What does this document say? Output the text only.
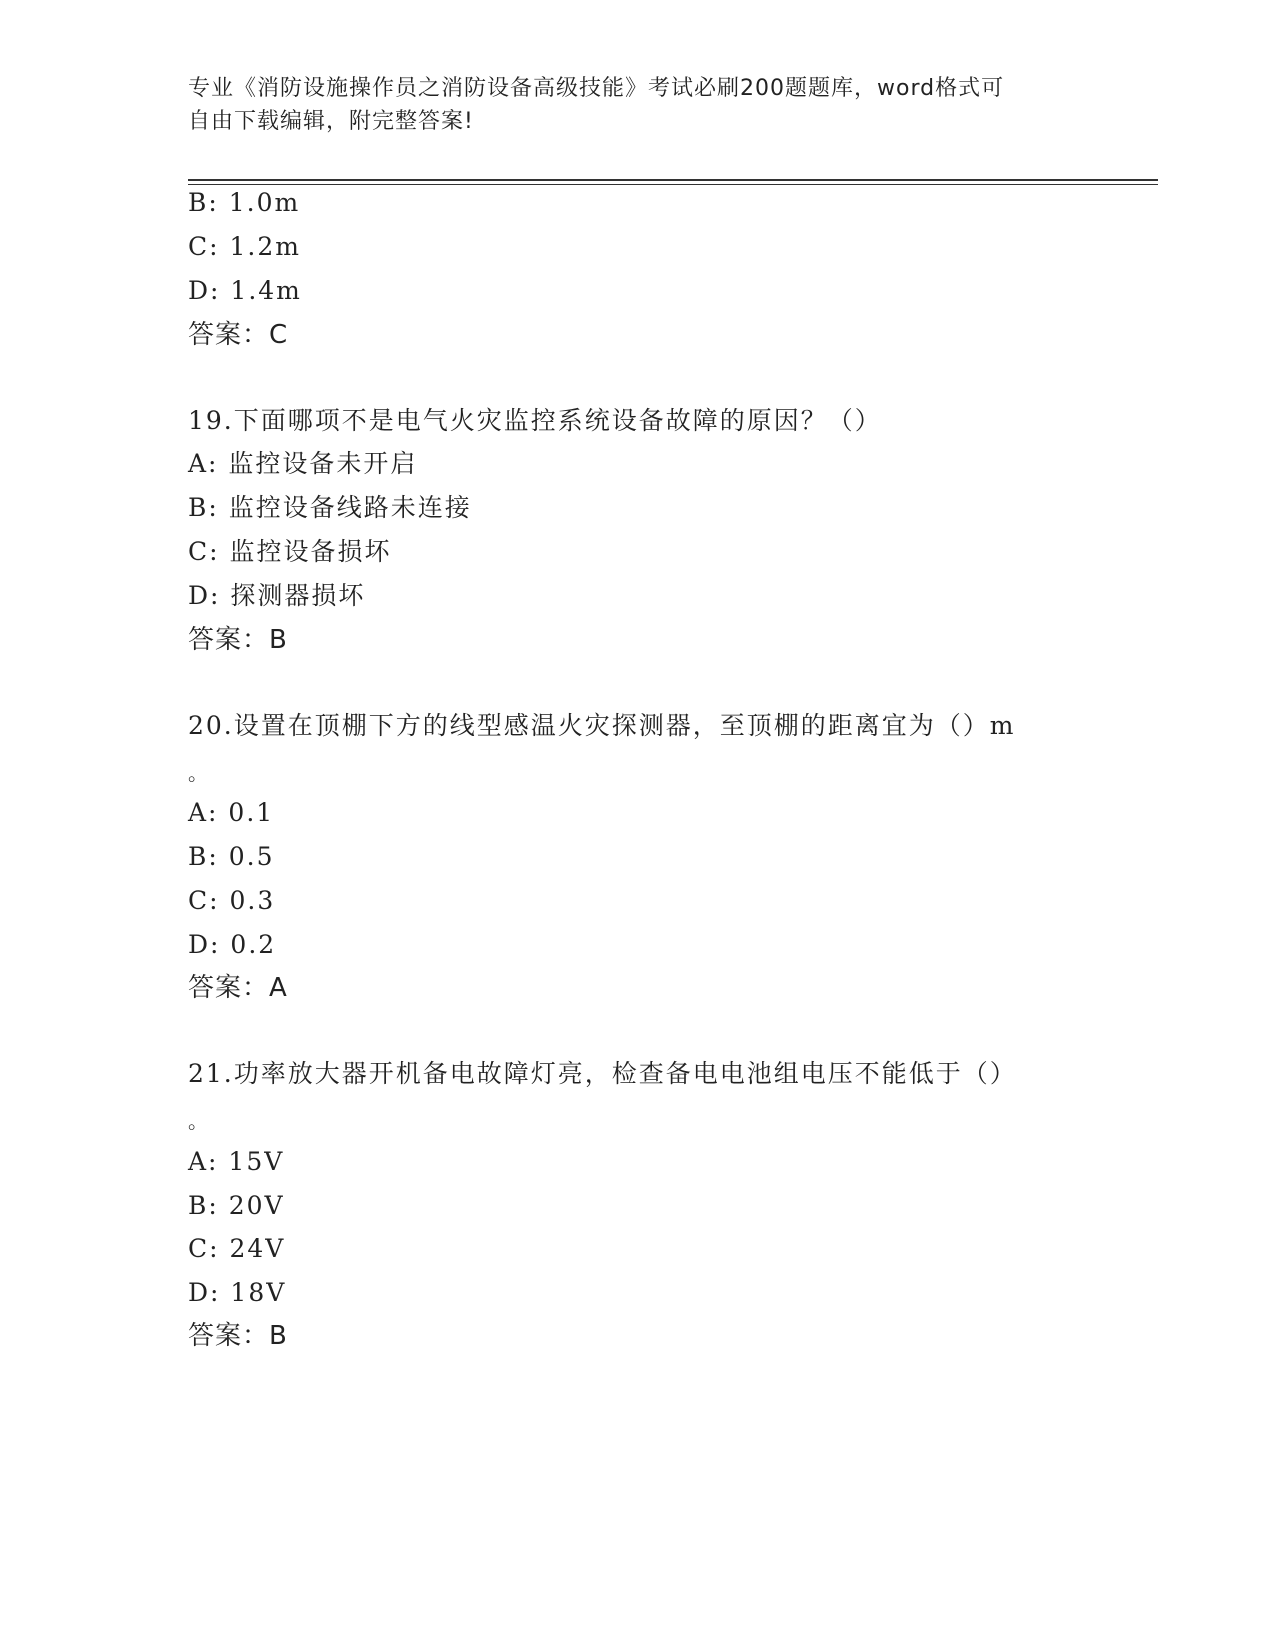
专业《消防设施操作员之消防设备高级技能》考试必刷200题题库，word格式可
自由下载编辑，附完整答案!
B: 1.0m
C: 1.2m
D: 1.4m
答案：C
19.下面哪项不是电气火灾监控系统设备故障的原因？（）
A: 监控设备未开启
B: 监控设备线路未连接
C: 监控设备损坏
D: 探测器损坏
答案：B
20.设置在顶棚下方的线型感温火灾探测器，至顶棚的距离宜为（）m
。
A: 0.1
B: 0.5
C: 0.3
D: 0.2
答案：A
21.功率放大器开机备电故障灯亮，检查备电电池组电压不能低于（）
。
A: 15V
B: 20V
C: 24V
D: 18V
答案：B
